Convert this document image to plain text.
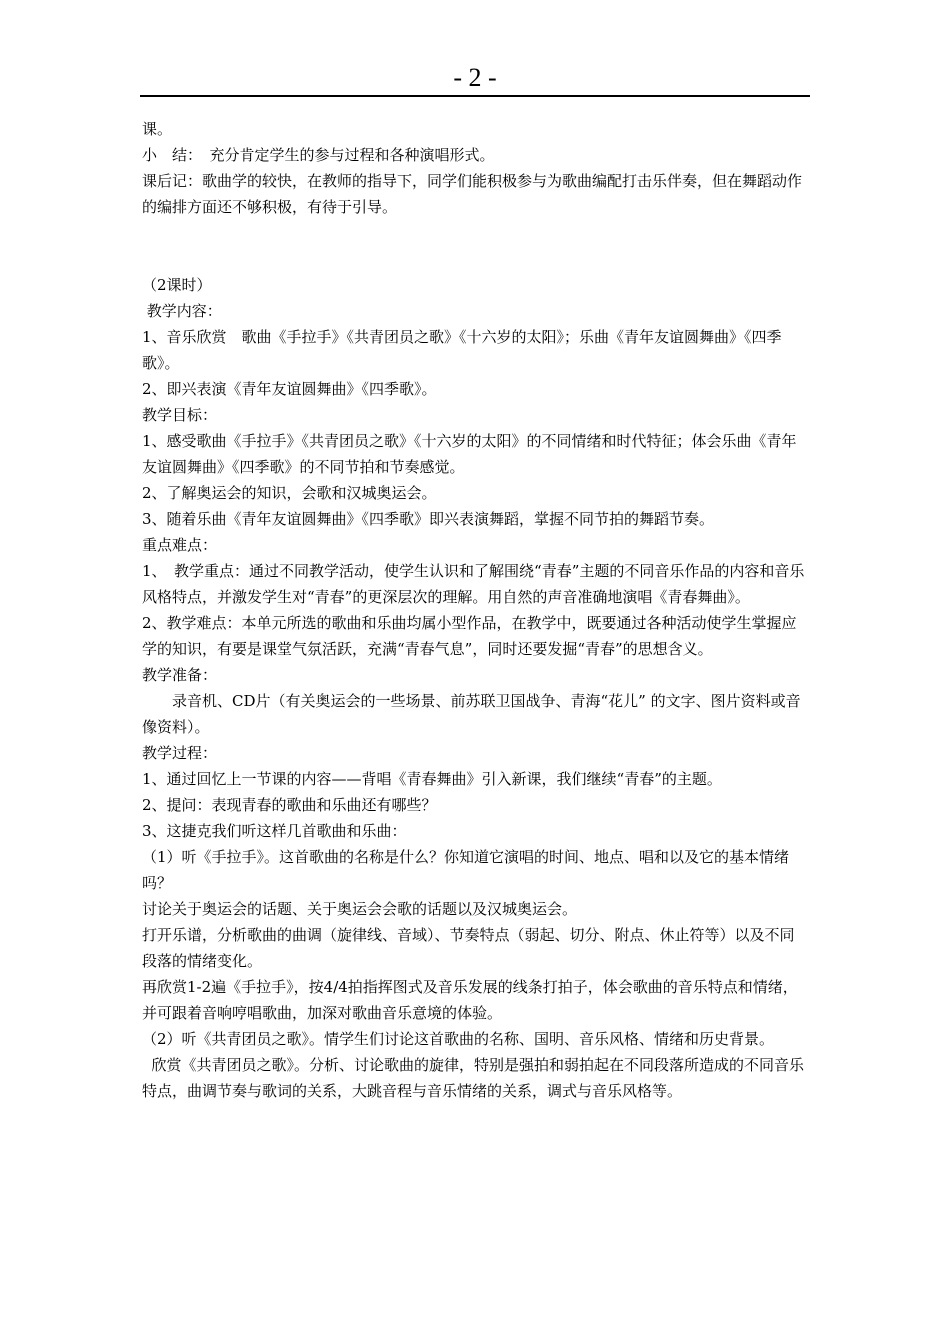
- 2 -

课。

小　结：　充分肯定学生的参与过程和各种演唱形式。

课后记：歌曲学的较快，在教师的指导下，同学们能积极参与为歌曲编配打击乐伴奏，但在舞蹈动作的编排方面还不够积极，有待于引导。

（2课时）

教学内容：

1、音乐欣赏　歌曲《手拉手》《共青团员之歌》《十六岁的太阳》；乐曲《青年友谊圆舞曲》《四季歌》。

2、即兴表演《青年友谊圆舞曲》《四季歌》。

教学目标：

1、感受歌曲《手拉手》《共青团员之歌》《十六岁的太阳》的不同情绪和时代特征；体会乐曲《青年友谊圆舞曲》《四季歌》的不同节拍和节奏感觉。

2、了解奥运会的知识，会歌和汉城奥运会。

3、随着乐曲《青年友谊圆舞曲》《四季歌》即兴表演舞蹈，掌握不同节拍的舞蹈节奏。

重点难点：

1、　教学重点：通过不同教学活动，使学生认识和了解围绕“青春”主题的不同音乐作品的内容和音乐风格特点，并激发学生对“青春”的更深层次的理解。用自然的声音准确地演唱《青春舞曲》。

2、教学难点：本单元所选的歌曲和乐曲均属小型作品，在教学中，既要通过各种活动使学生掌握应学的知识，有要是课堂气氛活跃，充满“青春气息”，同时还要发掘“青春”的思想含义。

教学准备：

　　录音机、CD片（有关奥运会的一些场景、前苏联卫国战争、青海“花儿” 的文字、图片资料或音像资料）。

教学过程：

1、通过回忆上一节课的内容——背唱《青春舞曲》引入新课，我们继续“青春”的主题。

2、提问：表现青春的歌曲和乐曲还有哪些？

3、这捷克我们听这样几首歌曲和乐曲：

（1）听《手拉手》。这首歌曲的名称是什么？你知道它演唱的时间、地点、唱和以及它的基本情绪吗？

讨论关于奥运会的话题、关于奥运会会歌的话题以及汉城奥运会。

打开乐谱，分析歌曲的曲调（旋律线、音域）、节奏特点（弱起、切分、附点、休止符等）以及不同段落的情绪变化。

再欣赏1-2遍《手拉手》，按4/4拍指挥图式及音乐发展的线条打拍子，体会歌曲的音乐特点和情绪，并可跟着音响哼唱歌曲，加深对歌曲音乐意境的体验。

（2）听《共青团员之歌》。情学生们讨论这首歌曲的名称、国明、音乐风格、情绪和历史背景。

欣赏《共青团员之歌》。分析、讨论歌曲的旋律，特别是强拍和弱拍起在不同段落所造成的不同音乐特点，曲调节奏与歌词的关系，大跳音程与音乐情绪的关系，调式与音乐风格等。
